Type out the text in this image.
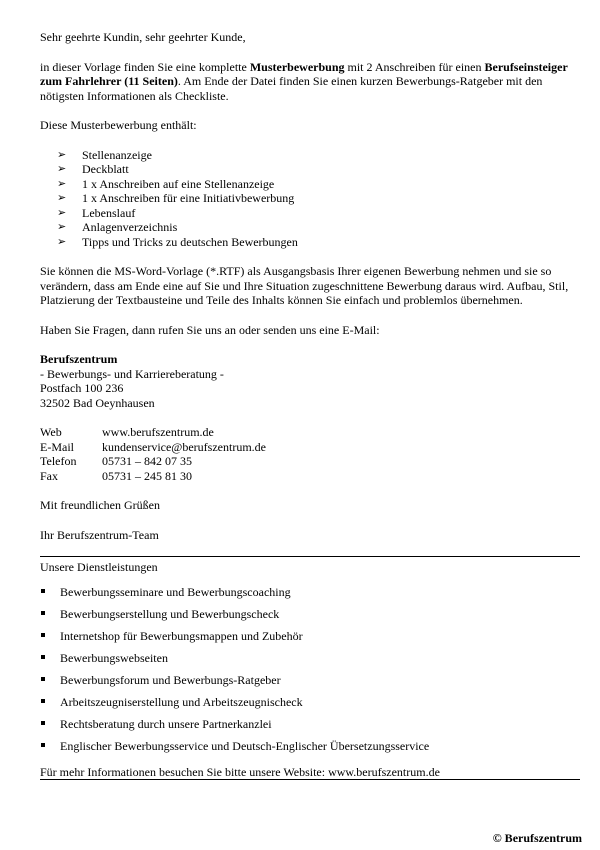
Sehr geehrte Kundin, sehr geehrter Kunde,

in dieser Vorlage finden Sie eine komplette Musterbewerbung mit 2 Anschreiben für einen Berufseinsteiger zum Fahrlehrer (11 Seiten). Am Ende der Datei finden Sie einen kurzen Bewerbungs-Ratgeber mit den nötigsten Informationen als Checkliste.

Diese Musterbewerbung enthält:

➢ Stellenanzeige
➢ Deckblatt
➢ 1 x Anschreiben auf eine Stellenanzeige
➢ 1 x Anschreiben für eine Initiativbewerbung
➢ Lebenslauf
➢ Anlagenverzeichnis
➢ Tipps und Tricks zu deutschen Bewerbungen

Sie können die MS-Word-Vorlage (*.RTF) als Ausgangsbasis Ihrer eigenen Bewerbung nehmen und sie so verändern, dass am Ende eine auf Sie und Ihre Situation zugeschnittene Bewerbung daraus wird. Aufbau, Stil, Platzierung der Textbausteine und Teile des Inhalts können Sie einfach und problemlos übernehmen.

Haben Sie Fragen, dann rufen Sie uns an oder senden uns eine E-Mail:

Berufszentrum

- Bewerbungs- und Karriereberatung -

Postfach 100 236

32502 Bad Oeynhausen

Web	www.berufszentrum.de
E-Mail	kundenservice@berufszentrum.de
Telefon	05731 – 842 07 35
Fax	05731 – 245 81 30

Mit freundlichen Grüßen

Ihr Berufszentrum-Team

Unsere Dienstleistungen

Bewerbungsseminare und Bewerbungscoaching
Bewerbungserstellung und Bewerbungscheck
Internetshop für Bewerbungsmappen und Zubehör
Bewerbungswebseiten
Bewerbungsforum und Bewerbungs-Ratgeber
Arbeitszeugniserstellung und Arbeitszeugnischeck
Rechtsberatung durch unsere Partnerkanzlei
Englischer Bewerbungsservice und Deutsch-Englischer Übersetzungsservice

Für mehr Informationen besuchen Sie bitte unsere Website: www.berufszentrum.de

© Berufszentrum
